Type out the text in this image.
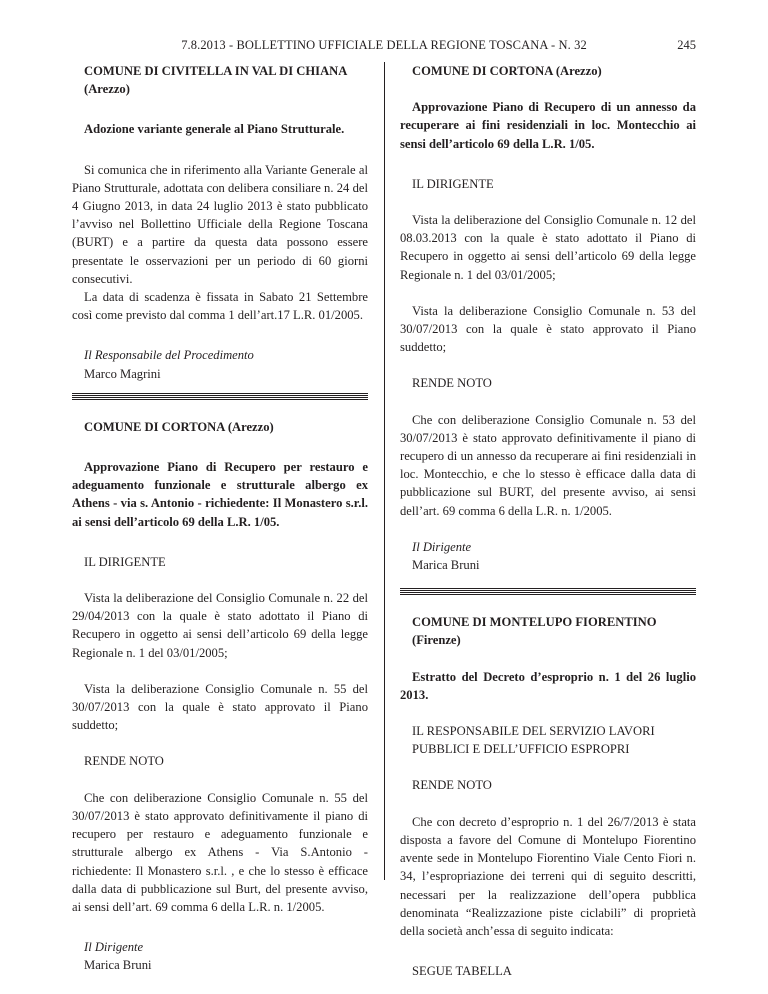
7.8.2013 - BOLLETTINO UFFICIALE DELLA REGIONE TOSCANA - N. 32	245

COMUNE DI CIVITELLA IN VAL DI CHIANA

(Arezzo)

Adozione variante generale al Piano Strutturale.

Si comunica che in riferimento alla Variante Generale al Piano Strutturale, adottata con delibera consiliare n. 24 del 4 Giugno 2013, in data 24 luglio 2013 è stato pubblicato l’avviso nel Bollettino Ufficiale della Regione Toscana (BURT) e a partire da questa data possono essere presentate le osservazioni per un periodo di 60 giorni consecutivi.

La data di scadenza è fissata in Sabato 21 Settembre così come previsto dal comma 1 dell’art.17 L.R. 01/2005.

Il Responsabile del Procedimento

Marco Magrini

COMUNE DI CORTONA (Arezzo)

Approvazione Piano di Recupero per restauro e adeguamento funzionale e strutturale albergo ex Athens - via s. Antonio - richiedente: Il Monastero s.r.l. ai sensi dell’articolo 69 della L.R. 1/05.

IL DIRIGENTE

Vista la deliberazione del Consiglio Comunale n. 22 del 29/04/2013 con la quale è stato adottato il Piano di Recupero in oggetto ai sensi dell’articolo 69 della legge Regionale n. 1 del 03/01/2005;

Vista la deliberazione Consiglio Comunale n. 55 del 30/07/2013 con la quale è stato approvato il Piano suddetto;

RENDE NOTO

Che con deliberazione Consiglio Comunale n. 55 del 30/07/2013 è stato approvato definitivamente il piano di recupero per restauro e adeguamento funzionale e strutturale albergo ex Athens - Via S.Antonio - richiedente: Il Monastero s.r.l. , e che lo stesso è efficace dalla data di pubblicazione sul Burt, del presente avviso, ai sensi dell’art. 69 comma 6 della L.R. n. 1/2005.

Il Dirigente

Marica Bruni

COMUNE DI CORTONA (Arezzo)

Approvazione Piano di Recupero di un annesso da recuperare ai fini residenziali in loc. Montecchio ai sensi dell’articolo 69 della L.R. 1/05.

IL DIRIGENTE

Vista la deliberazione del Consiglio Comunale n. 12 del 08.03.2013 con la quale è stato adottato il Piano di Recupero in oggetto ai sensi dell’articolo 69 della legge Regionale n. 1 del 03/01/2005;

Vista la deliberazione Consiglio Comunale n. 53 del 30/07/2013 con la quale è stato approvato il Piano suddetto;

RENDE NOTO

Che con deliberazione Consiglio Comunale n. 53 del 30/07/2013 è stato approvato definitivamente il piano di recupero di un annesso da recuperare ai fini residenziali in loc. Montecchio, e che lo stesso è efficace dalla data di pubblicazione sul BURT, del presente avviso, ai sensi dell’art. 69 comma 6 della L.R. n. 1/2005.

Il Dirigente

Marica Bruni

COMUNE DI MONTELUPO FIORENTINO

(Firenze)

Estratto del Decreto d’esproprio n. 1 del 26 luglio 2013.

IL RESPONSABILE DEL SERVIZIO LAVORI

PUBBLICI E DELL’UFFICIO ESPROPRI

RENDE NOTO

Che con decreto d’esproprio n. 1 del 26/7/2013 è stata disposta a favore del Comune di Montelupo Fiorentino avente sede in Montelupo Fiorentino Viale Cento Fiori n. 34, l’espropriazione dei terreni qui di seguito descritti, necessari per la realizzazione dell’opera pubblica denominata “Realizzazione piste ciclabili” di proprietà della società anch’essa di seguito indicata:

SEGUE TABELLA
